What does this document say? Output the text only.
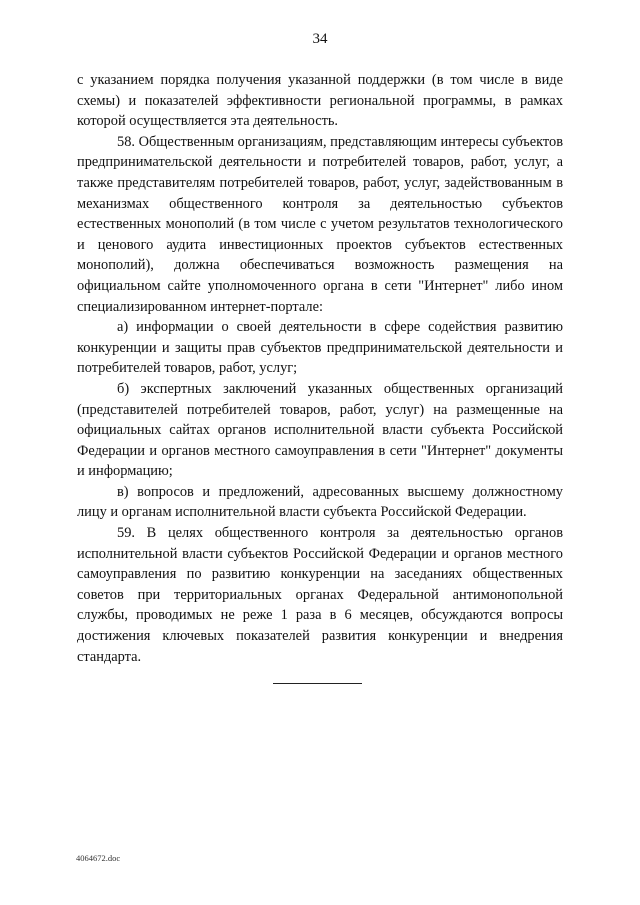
34

с указанием порядка получения указанной поддержки (в том числе в виде схемы) и показателей эффективности региональной программы, в рамках которой осуществляется эта деятельность.

58. Общественным организациям, представляющим интересы субъектов предпринимательской деятельности и потребителей товаров, работ, услуг, а также представителям потребителей товаров, работ, услуг, задействованным в механизмах общественного контроля за деятельностью субъектов естественных монополий (в том числе с учетом результатов технологического и ценового аудита инвестиционных проектов субъектов естественных монополий), должна обеспечиваться возможность размещения на официальном сайте уполномоченного органа в сети "Интернет" либо ином специализированном интернет-портале:

а) информации о своей деятельности в сфере содействия развитию конкуренции и защиты прав субъектов предпринимательской деятельности и потребителей товаров, работ, услуг;

б) экспертных заключений указанных общественных организаций (представителей потребителей товаров, работ, услуг) на размещенные на официальных сайтах органов исполнительной власти субъекта Российской Федерации и органов местного самоуправления в сети "Интернет" документы и информацию;

в) вопросов и предложений, адресованных высшему должностному лицу и органам исполнительной власти субъекта Российской Федерации.

59. В целях общественного контроля за деятельностью органов исполнительной власти субъектов Российской Федерации и органов местного самоуправления по развитию конкуренции на заседаниях общественных советов при территориальных органах Федеральной антимонопольной службы, проводимых не реже 1 раза в 6 месяцев, обсуждаются вопросы достижения ключевых показателей развития конкуренции и внедрения стандарта.

4064672.doc
